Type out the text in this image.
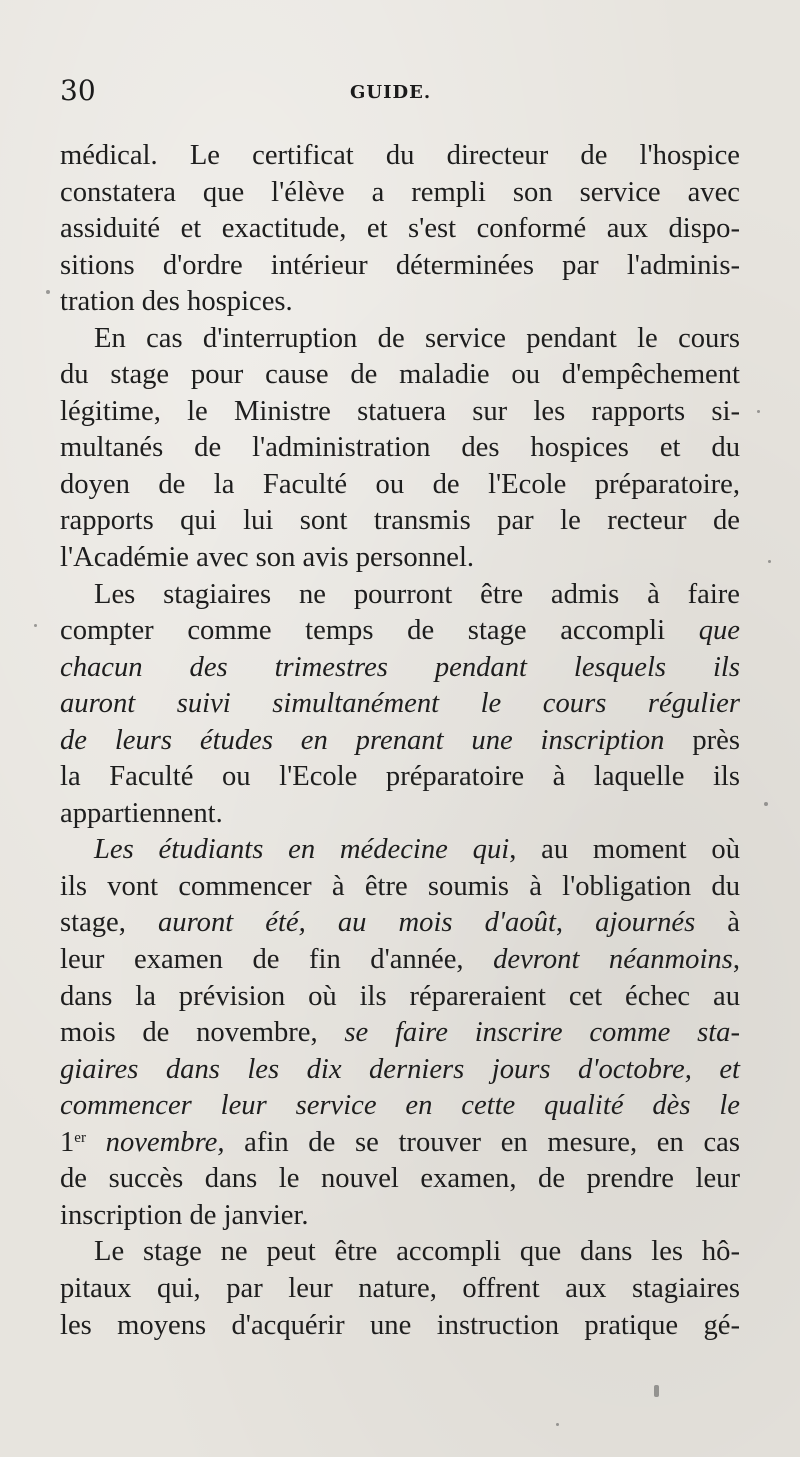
30	GUIDE.
médical. Le certificat du directeur de l'hospice
constatera que l'élève a rempli son service avec
assiduité et exactitude, et s'est conformé aux dispo-
sitions d'ordre intérieur déterminées par l'adminis-
tration des hospices.
En cas d'interruption de service pendant le cours
du stage pour cause de maladie ou d'empêchement
légitime, le Ministre statuera sur les rapports si-
multanés de l'administration des hospices et du
doyen de la Faculté ou de l'Ecole préparatoire,
rapports qui lui sont transmis par le recteur de
l'Académie avec son avis personnel.
Les stagiaires ne pourront être admis à faire
compter comme temps de stage accompli que
chacun des trimestres pendant lesquels ils
auront suivi simultanément le cours régulier
de leurs études en prenant une inscription près
la Faculté ou l'Ecole préparatoire à laquelle ils
appartiennent.
Les étudiants en médecine qui, au moment où
ils vont commencer à être soumis à l'obligation du
stage, auront été, au mois d'août, ajournés à
leur examen de fin d'année, devront néanmoins,
dans la prévision où ils répareraient cet échec au
mois de novembre, se faire inscrire comme sta-
giaires dans les dix derniers jours d'octobre, et
commencer leur service en cette qualité dès le
1er novembre, afin de se trouver en mesure, en cas
de succès dans le nouvel examen, de prendre leur
inscription de janvier.
Le stage ne peut être accompli que dans les hô-
pitaux qui, par leur nature, offrent aux stagiaires
les moyens d'acquérir une instruction pratique gé-
